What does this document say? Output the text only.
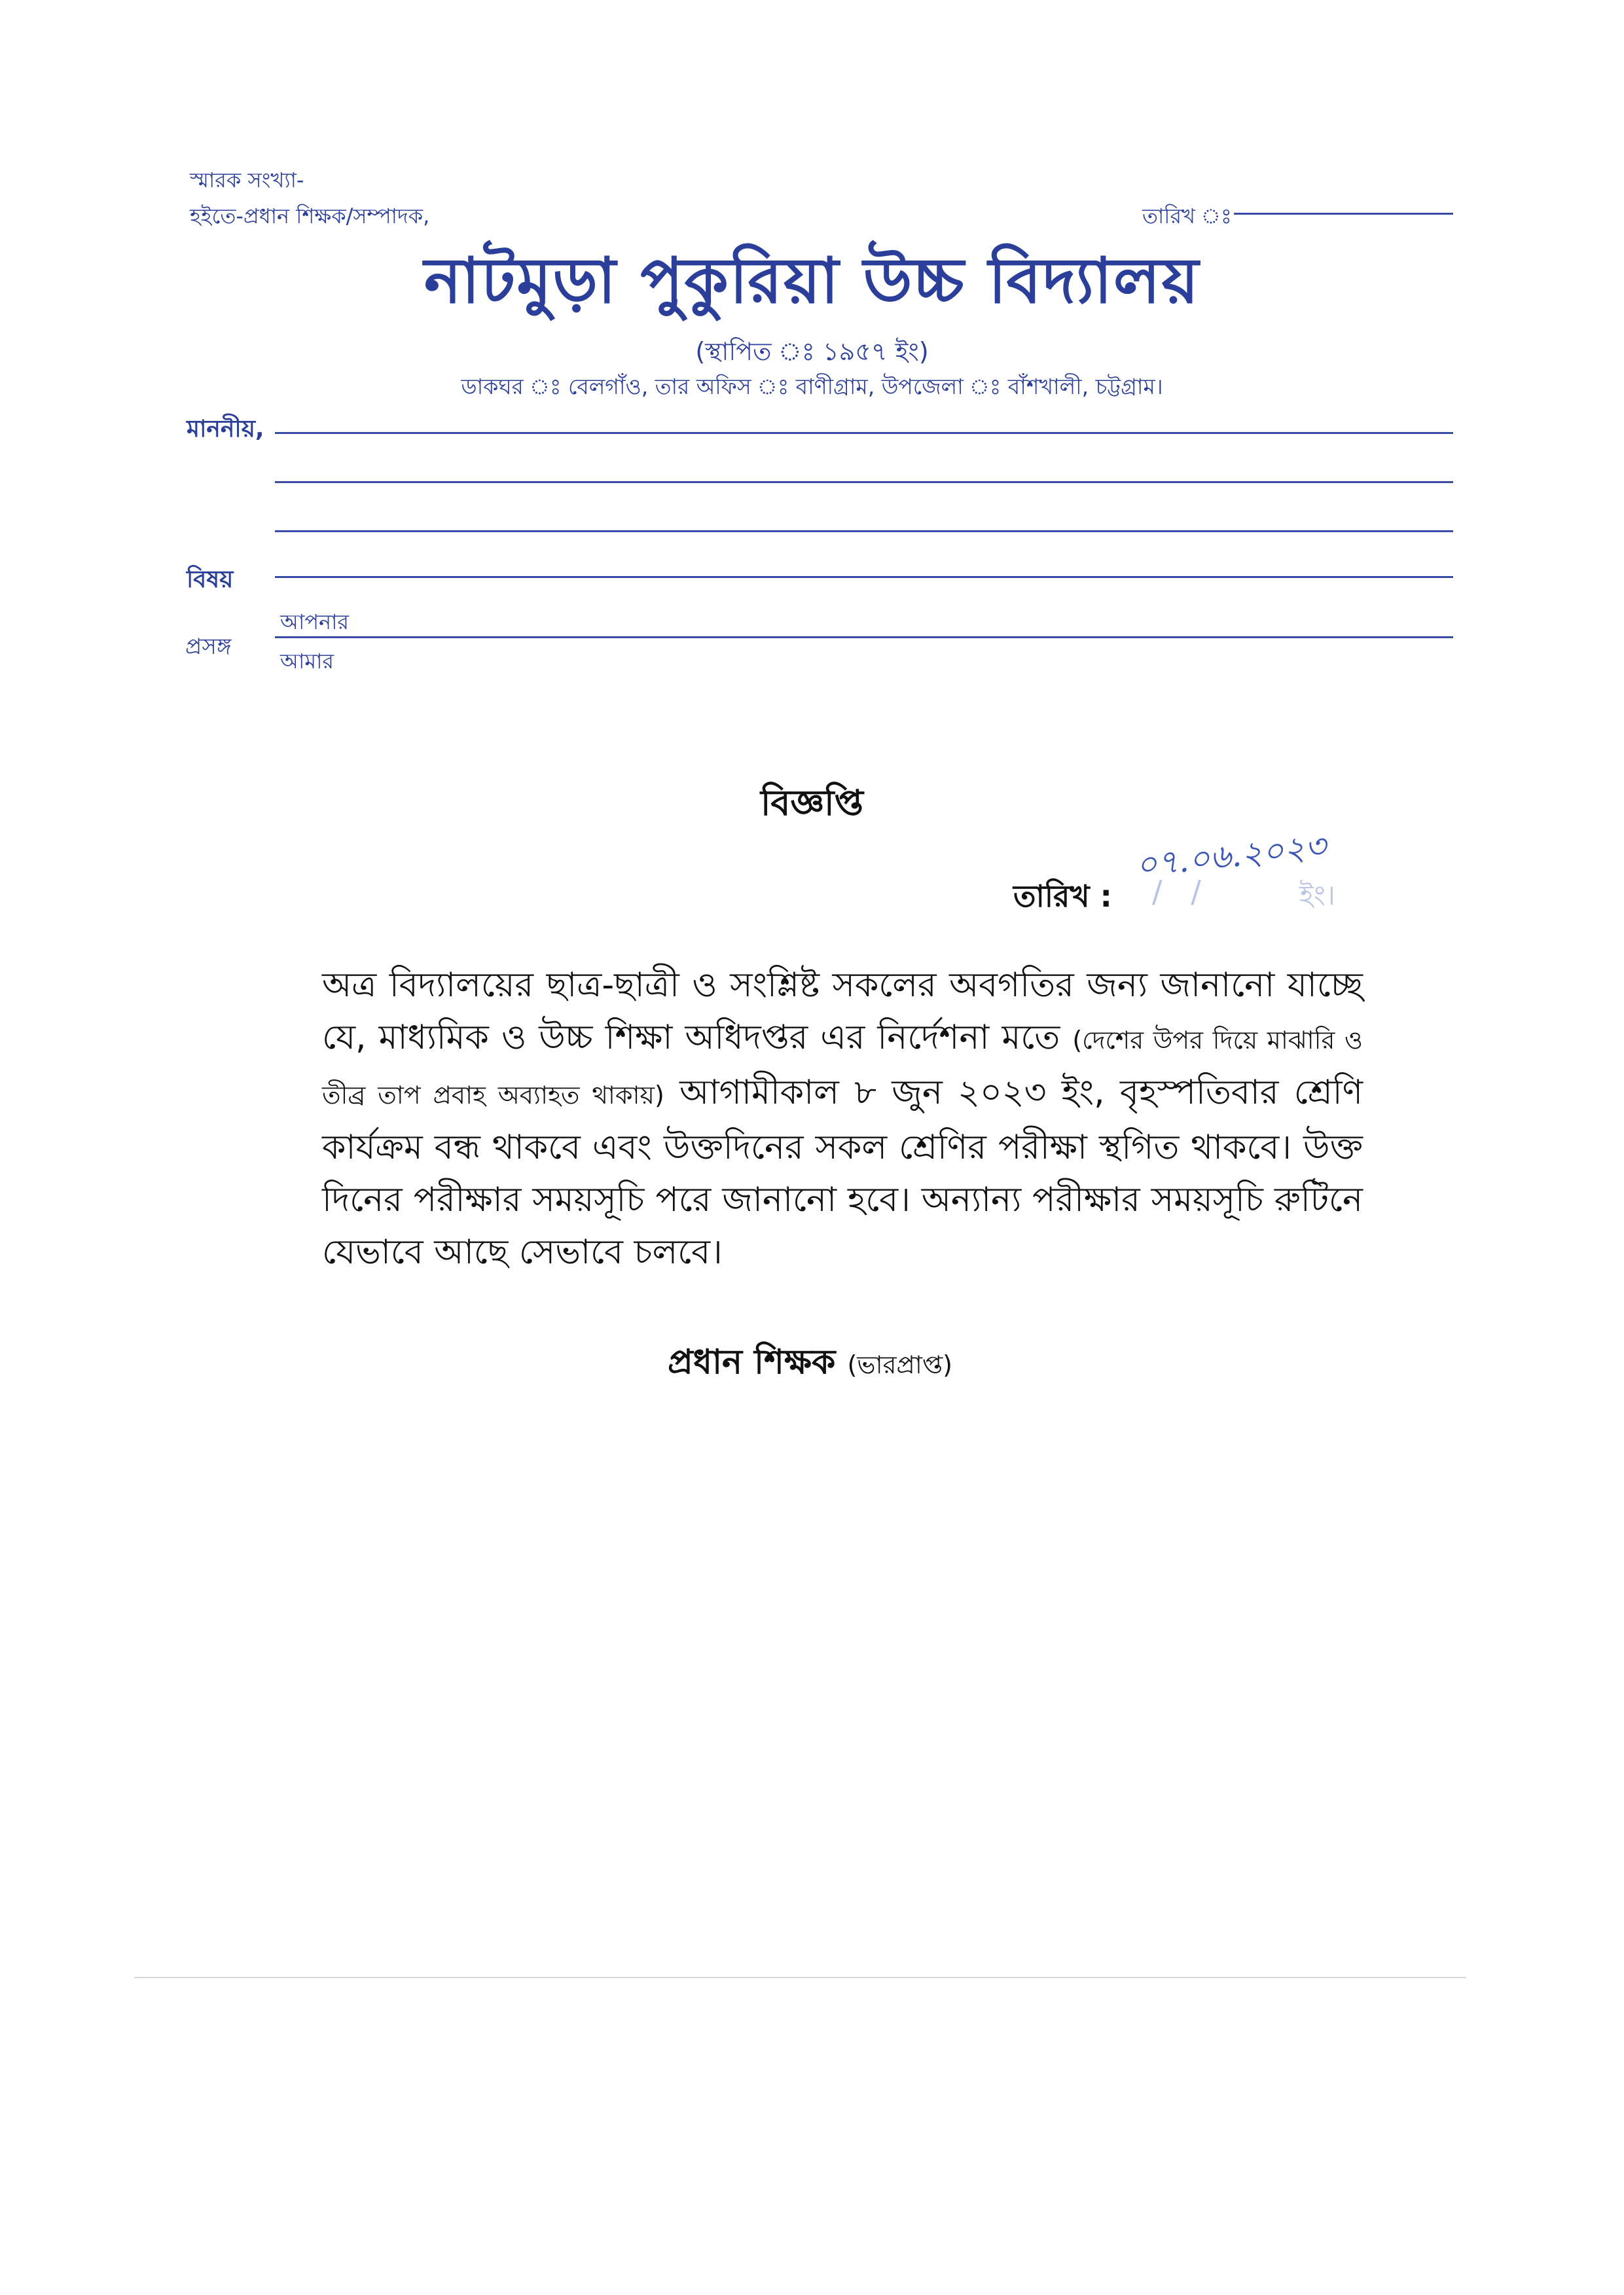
স্মারক সংখ্যা-
হইতে-প্রধান শিক্ষক/সম্পাদক,	তারিখ ঃ
নাটমুড়া পুকুরিয়া উচ্চ বিদ্যালয়
(স্থাপিত ঃ ১৯৫৭ ইং)
ডাকঘর ঃ বেলগাঁও, তার অফিস ঃ বাণীগ্রাম, উপজেলা ঃ বাঁশখালী, চট্টগ্রাম।
মাননীয়,
বিষয়
প্রসঙ্গ
আপনার
আমার
বিজ্ঞপ্তি
০৭.০৬.২০২৩
তারিখ : /   /	ইং।
অত্র বিদ্যালয়ের ছাত্র-ছাত্রী ও সংশ্লিষ্ট সকলের অবগতির জন্য জানানো যাচ্ছে যে, মাধ্যমিক ও উচ্চ শিক্ষা অধিদপ্তর এর নির্দেশনা মতে (দেশের উপর দিয়ে মাঝারি ও তীব্র তাপ প্রবাহ অব্যাহত থাকায়) আগামীকাল ৮ জুন ২০২৩ ইং, বৃহস্পতিবার শ্রেণি কার্যক্রম বন্ধ থাকবে এবং উক্তদিনের সকল শ্রেণির পরীক্ষা স্থগিত থাকবে। উক্ত দিনের পরীক্ষার সময়সূচি পরে জানানো হবে। অন্যান্য পরীক্ষার সময়সূচি রুটিনে যেভাবে আছে সেভাবে চলবে।
প্রধান শিক্ষক (ভারপ্রাপ্ত)
